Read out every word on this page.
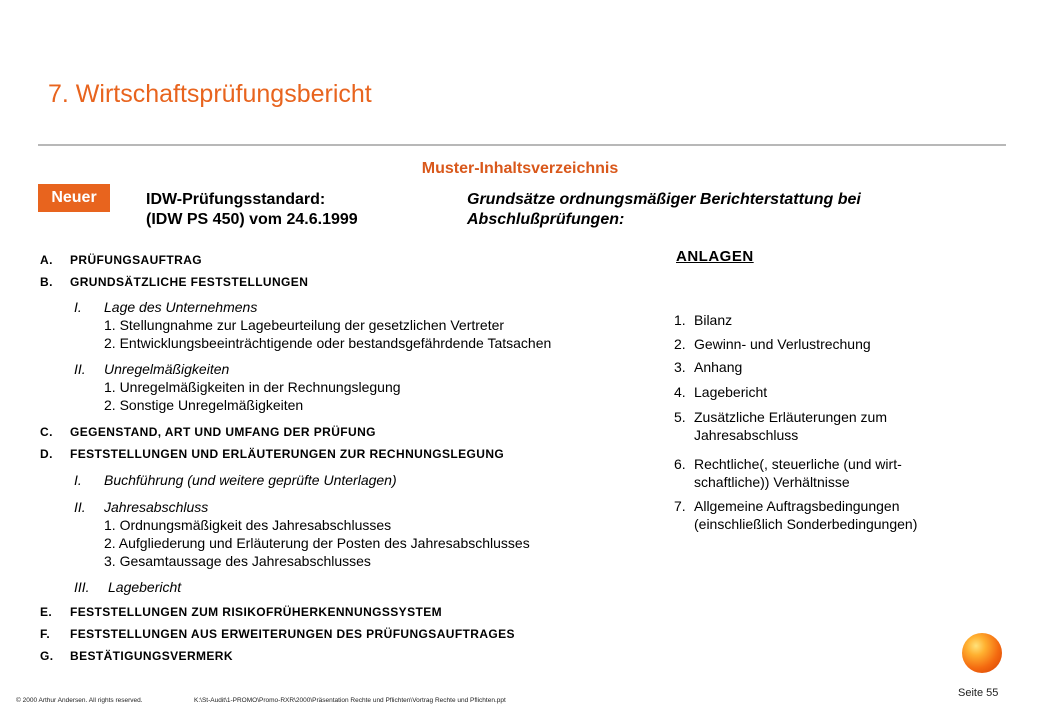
7. Wirtschaftsprüfungsbericht
Muster-Inhaltsverzeichnis
Neuer	IDW-Prüfungsstandard:
(IDW PS 450) vom 24.6.1999
Grundsätze ordnungsmäßiger Berichterstattung bei
Abschlußprüfungen:
A. PRÜFUNGSAUFTRAG
B. GRUNDSÄTZLICHE FESTSTELLUNGEN
I. Lage des Unternehmens
1. Stellungnahme zur Lagebeurteilung der gesetzlichen Vertreter
2. Entwicklungsbeeinträchtigende oder bestandsgefährdende Tatsachen
II. Unregelmäßigkeiten
1. Unregelmäßigkeiten in der Rechnungslegung
2. Sonstige Unregelmäßigkeiten
C. GEGENSTAND, ART UND UMFANG DER PRÜFUNG
D. FESTSTELLUNGEN UND ERLÄUTERUNGEN ZUR RECHNUNGSLEGUNG
I. Buchführung (und weitere geprüfte Unterlagen)
II. Jahresabschluss
1. Ordnungsmäßigkeit des Jahresabschlusses
2. Aufgliederung und Erläuterung der Posten des Jahresabschlusses
3. Gesamtaussage des Jahresabschlusses
III. Lagebericht
E. FESTSTELLUNGEN ZUM RISIKOFRÜHERKENNUNGSSYSTEM
F. FESTSTELLUNGEN AUS ERWEITERUNGEN DES PRÜFUNGSAUFTRAGES
G. BESTÄTIGUNGSVERMERK
ANLAGEN
1. Bilanz
2. Gewinn- und Verlustrechung
3. Anhang
4. Lagebericht
5. Zusätzliche Erläuterungen zum
Jahresabschluss
6. Rechtliche(, steuerliche (und wirt-
schaftliche)) Verhältnisse
7. Allgemeine Auftragsbedingungen
(einschließlich Sonderbedingungen)
© 2000 Arthur Andersen. All rights reserved.	K:\St-Audit\1-PROMO\Promo-RXR\2000\Präsentation Rechte und Pflichten\Vortrag Rechte und Pflichten.ppt
Seite 55
